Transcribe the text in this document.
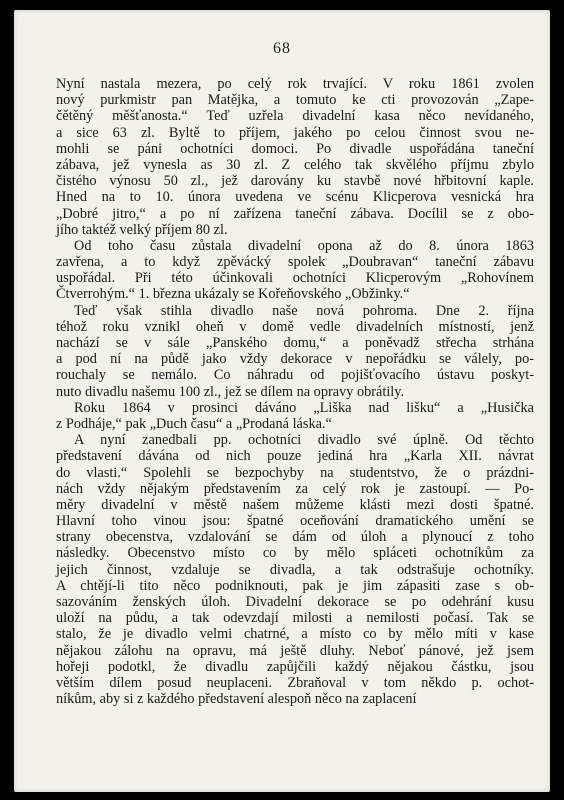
68

Nyní nastala mezera, po celý rok trvající. V roku 1861 zvolen
nový purkmistr pan Matějka, a tomuto ke cti provozován „Zape-
čětěný měšťanosta.“ Teď uzřela divadelní kasa něco nevídaného,
a sice 63 zl. Byltě to příjem, jakého po celou činnost svou ne-
mohli se páni ochotníci domoci. Po divadle uspořádána taneční
zábava, jež vynesla as 30 zl. Z celého tak skvělého příjmu zbylo
čistého výnosu 50 zl., jež darovány ku stavbě nové hřbitovní kaple.
Hned na to 10. února uvedena ve scénu Klicperova vesnická hra
„Dobré jitro,“ a po ní zařízena taneční zábava. Docílil se z obo-
jího taktéž velký příjem 80 zl.

Od toho času zůstala divadelní opona až do 8. února 1863
zavřena, a to když zpěvácký spolek „Doubravan“ taneční zábavu
uspořádal. Při této účinkovali ochotníci Klicperovým „Rohovínem
Čtverrohým.“ 1. března ukázaly se Kořeňovského „Obžinky.“

Teď však stihla divadlo naše nová pohroma. Dne 2. října
téhož roku vznikl oheň v domě vedle divadelních místností, jenž
nachází se v sále „Panského domu,“ a poněvadž střecha strhána
a pod ní na půdě jako vždy dekorace v nepořádku se válely, po-
rouchaly se nemálo. Co náhradu od pojišťovacího ústavu poskyt-
nuto divadlu našemu 100 zl., jež se dílem na opravy obrátily.

Roku 1864 v prosinci dáváno „Liška nad lišku“ a „Husička
z Podhájе,“ pak „Duch času“ a „Prodaná láska.“

A nyní zanedbali pp. ochotníci divadlo své úplně. Od těchto
představení dávána od nich pouze jediná hra „Karla XII. návrat
do vlasti.“ Spolehli se bezpochyby na studentstvo, že o prázdni-
nách vždy nějakým představením za celý rok je zastoupí. — Po-
měry divadelní v městě našem můžeme klásti mezi dosti špatné.
Hlavní toho vinou jsou: špatné oceňování dramatického umění se
strany obecenstva, vzdalování se dám od úloh a plynoucí z toho
následky. Obecenstvo místo co by mělo spláceti ochotníkům za
jejich činnost, vzdaluje se divadla, a tak odstrašuje ochotníky.
A chtějí-li tito něco podniknouti, pak je jim zápasiti zase s ob-
sazováním ženských úloh. Divadelní dekorace se po odehrání kusu
uloží na půdu, a tak odevzdají milosti a nemilosti počasí. Tak se
stalo, že je divadlo velmi chatrné, a místo co by mělo míti v kase
nějakou zálohu na opravu, má ještě dluhy. Neboť pánové, jež jsem
hořeji podotkl, že divadlu zapůjčili každý nějakou částku, jsou
větším dílem posud neuplaceni. Zbraňoval v tom někdo p. ochot-
níkům, aby si z každého představení alespoň něco na zaplacení
